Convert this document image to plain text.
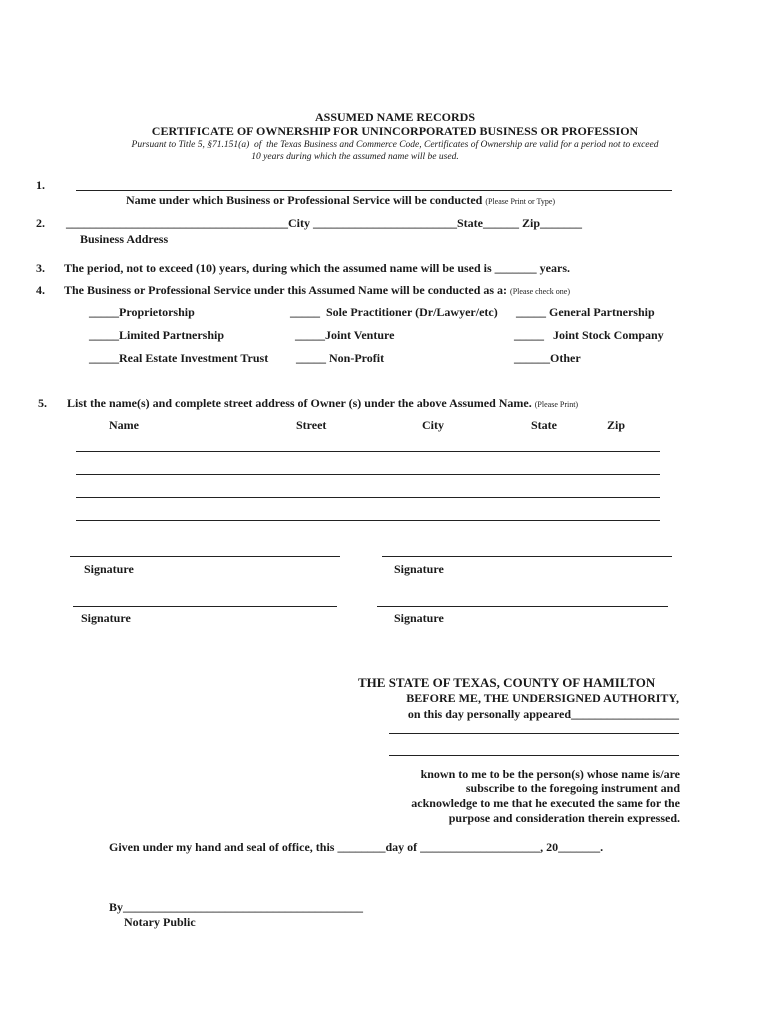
ASSUMED NAME RECORDS
CERTIFICATE OF OWNERSHIP FOR UNINCORPORATED BUSINESS OR PROFESSION
Pursuant to Title 5, §71.151(a)  of  the Texas Business and Commerce Code, Certificates of Ownership are valid for a period not to exceed
10 years during which the assumed name will be used.
1.
Name under which Business or Professional Service will be conducted (Please Print or Type)
2. _____________________________________City ________________________State______ Zip_______
Business Address
3. The period, not to exceed (10) years, during which the assumed name will be used is _______ years.
4. The Business or Professional Service under this Assumed Name will be conducted as a: (Please check one)
_____Proprietorship	_____  Sole Practitioner (Dr/Lawyer/etc) _____ General Partnership
_____Limited Partnership	_____Joint Venture	_____   Joint Stock Company
_____Real Estate Investment Trust _____ Non-Profit	______Other
5. List the name(s) and complete street address of Owner (s) under the above Assumed Name. (Please Print)
Name	Street	City	State	Zip
Signature	Signature
Signature	Signature
THE STATE OF TEXAS, COUNTY OF HAMILTON
BEFORE ME, THE UNDERSIGNED AUTHORITY,
on this day personally appeared__________________
known to me to be the person(s) whose name is/are
subscribe to the foregoing instrument and
acknowledge to me that he executed the same for the
purpose and consideration therein expressed.
Given under my hand and seal of office, this ________day of ____________________, 20_______.
By________________________________________
Notary Public
